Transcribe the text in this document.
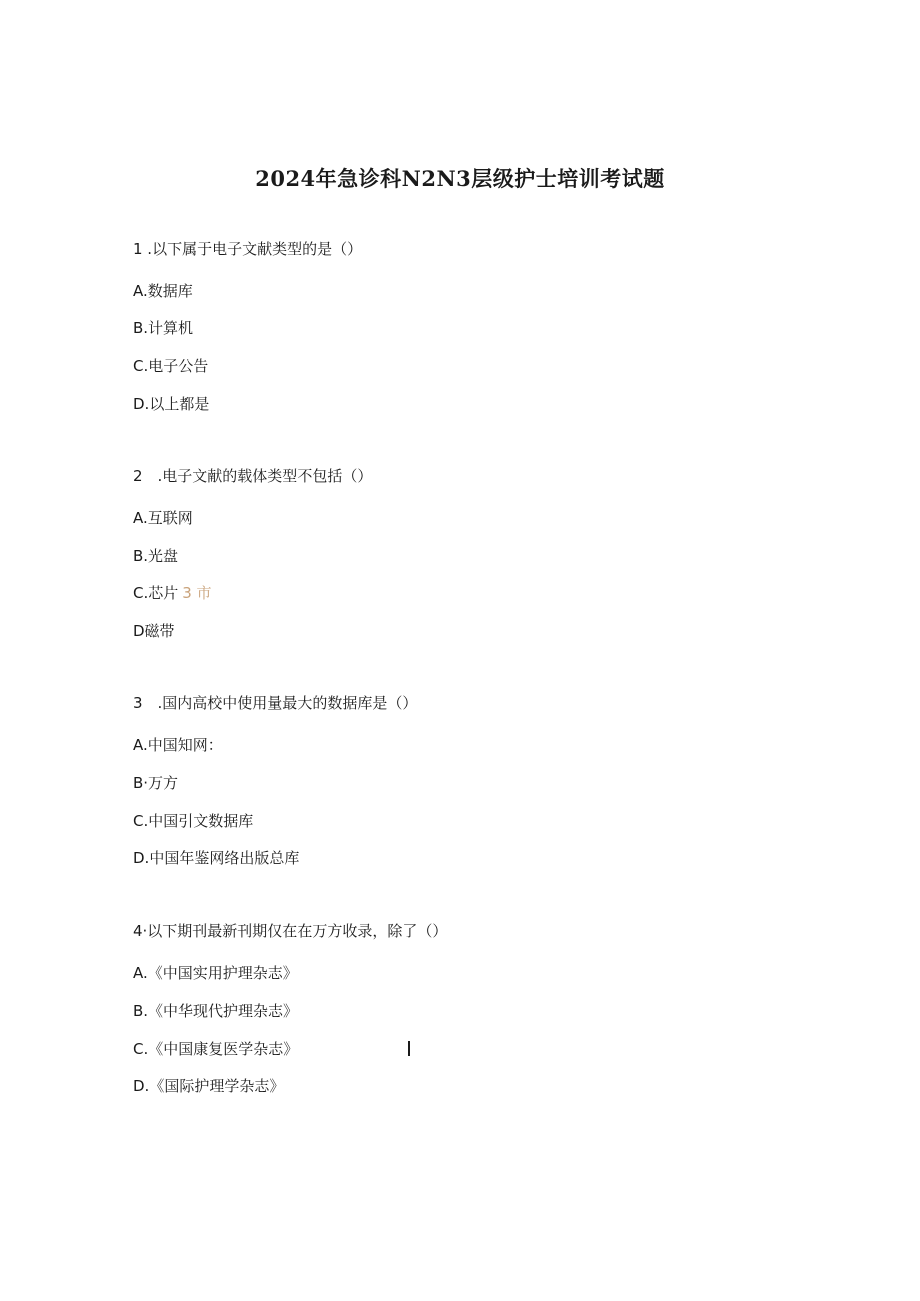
2024年急诊科N2N3层级护士培训考试题
1 .以下属于电子文献类型的是（）
A.数据库
B.计算机
C.电子公告
D.以上都是
2　.电子文献的载体类型不包括（）
A.互联网
B.光盘
C.芯片 3 市
D磁带
3　.国内高校中使用量最大的数据库是（）
A.中国知网：
B·万方
C.中国引文数据库
D.中国年鉴网络出版总库
4·以下期刊最新刊期仅在在万方收录，除了（）
A.《中国实用护理杂志》
B.《中华现代护理杂志》
C.《中国康复医学杂志》
D.《国际护理学杂志》
